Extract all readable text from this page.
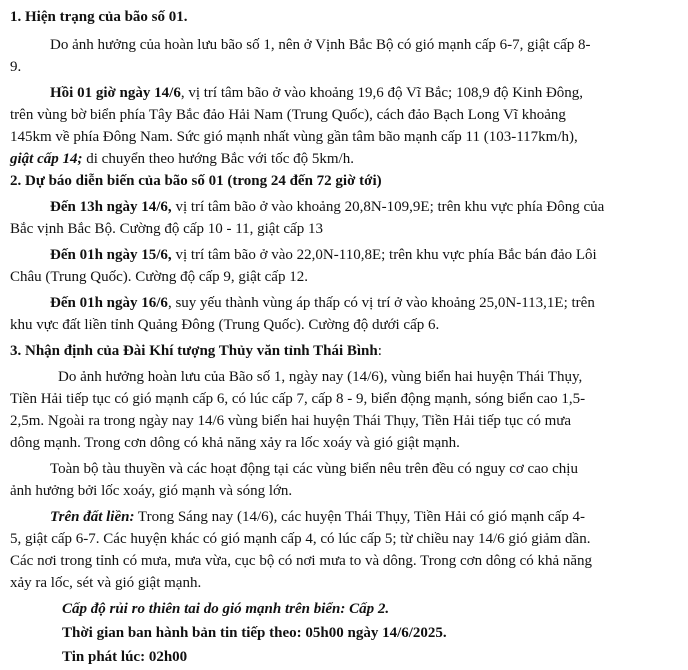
1. Hiện trạng của bão số 01.
Do ảnh hưởng của hoàn lưu bão số 1, nên ở Vịnh Bắc Bộ có gió mạnh cấp 6-7, giật cấp 8-
9.
Hồi 01 giờ ngày 14/6, vị trí tâm bão ở vào khoảng 19,6 độ Vĩ Bắc; 108,9 độ Kinh Đông,
trên vùng bờ biển phía Tây Bắc đảo Hải Nam (Trung Quốc), cách đảo Bạch Long Vĩ khoảng
145km về phía Đông Nam. Sức gió mạnh nhất vùng gần tâm bão mạnh cấp 11 (103-117km/h),
giật cấp 14; di chuyển theo hướng Bắc với tốc độ 5km/h.
2. Dự báo diễn biến của bão số 01 (trong 24 đến 72 giờ tới)
Đến 13h ngày 14/6, vị trí tâm bão ở vào khoảng 20,8N-109,9E; trên khu vực phía Đông của
Bắc vịnh Bắc Bộ. Cường độ cấp 10 - 11, giật cấp 13
Đến 01h ngày 15/6, vị trí tâm bão ở vào 22,0N-110,8E; trên khu vực phía Bắc bán đảo Lôi
Châu (Trung Quốc). Cường độ cấp 9, giật cấp 12.
Đến 01h ngày 16/6, suy yếu thành vùng áp thấp có vị trí ở vào khoảng 25,0N-113,1E; trên
khu vực đất liền tỉnh Quảng Đông (Trung Quốc). Cường độ dưới cấp 6.
3. Nhận định của Đài Khí tượng Thủy văn tỉnh Thái Bình:
Do ảnh hưởng hoàn lưu của Bão số 1, ngày nay (14/6), vùng biển hai huyện Thái Thụy,
Tiền Hải tiếp tục có gió mạnh cấp 6, có lúc cấp 7, cấp 8 - 9, biển động mạnh, sóng biển cao 1,5-
2,5m. Ngoài ra trong ngày nay 14/6 vùng biển hai huyện Thái Thụy, Tiền Hải tiếp tục có mưa
dông mạnh. Trong cơn dông có khả năng xảy ra lốc xoáy và gió giật mạnh.
Toàn bộ tàu thuyền và các hoạt động tại các vùng biển nêu trên đều có nguy cơ cao chịu
ảnh hưởng bởi lốc xoáy, gió mạnh và sóng lớn.
Trên đất liền: Trong Sáng nay (14/6), các huyện Thái Thụy, Tiền Hải có gió mạnh cấp 4-
5, giật cấp 6-7. Các huyện khác có gió mạnh cấp 4, có lúc cấp 5; từ chiều nay 14/6 gió giảm dần.
Các nơi trong tỉnh có mưa, mưa vừa, cục bộ có nơi mưa to và dông. Trong cơn dông có khả năng
xảy ra lốc, sét và gió giật mạnh.
Cấp độ rủi ro thiên tai do gió mạnh trên biển: Cấp 2.
Thời gian ban hành bản tin tiếp theo: 05h00 ngày 14/6/2025.
Tin phát lúc: 02h00
